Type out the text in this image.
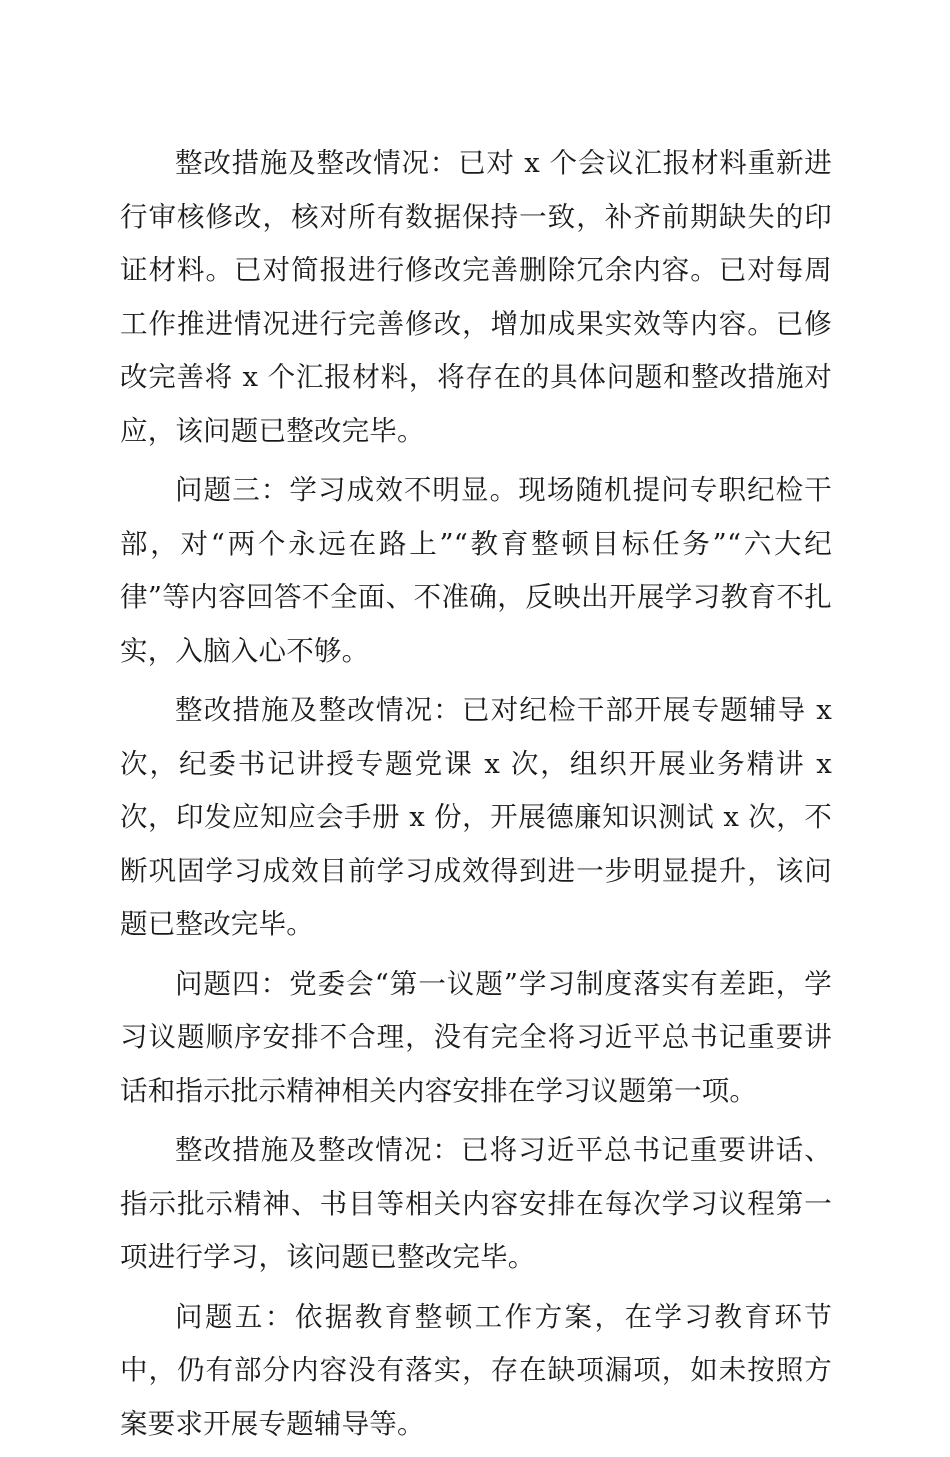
整改措施及整改情况：已对 x 个会议汇报材料重新进行审核修改，核对所有数据保持一致，补齐前期缺失的印证材料。已对简报进行修改完善删除冗余内容。已对每周工作推进情况进行完善修改，增加成果实效等内容。已修改完善将 x 个汇报材料，将存在的具体问题和整改措施对应，该问题已整改完毕。

问题三：学习成效不明显。现场随机提问专职纪检干部，对“两个永远在路上”“教育整顿目标任务”“六大纪律”等内容回答不全面、不准确，反映出开展学习教育不扎实，入脑入心不够。

整改措施及整改情况：已对纪检干部开展专题辅导 x 次，纪委书记讲授专题党课 x 次，组织开展业务精讲 x 次，印发应知应会手册 x 份，开展德廉知识测试 x 次，不断巩固学习成效目前学习成效得到进一步明显提升，该问题已整改完毕。

问题四：党委会“第一议题”学习制度落实有差距，学习议题顺序安排不合理，没有完全将习近平总书记重要讲话和指示批示精神相关内容安排在学习议题第一项。

整改措施及整改情况：已将习近平总书记重要讲话、指示批示精神、书目等相关内容安排在每次学习议程第一项进行学习，该问题已整改完毕。

问题五：依据教育整顿工作方案，在学习教育环节中，仍有部分内容没有落实，存在缺项漏项，如未按照方案要求开展专题辅导等。
